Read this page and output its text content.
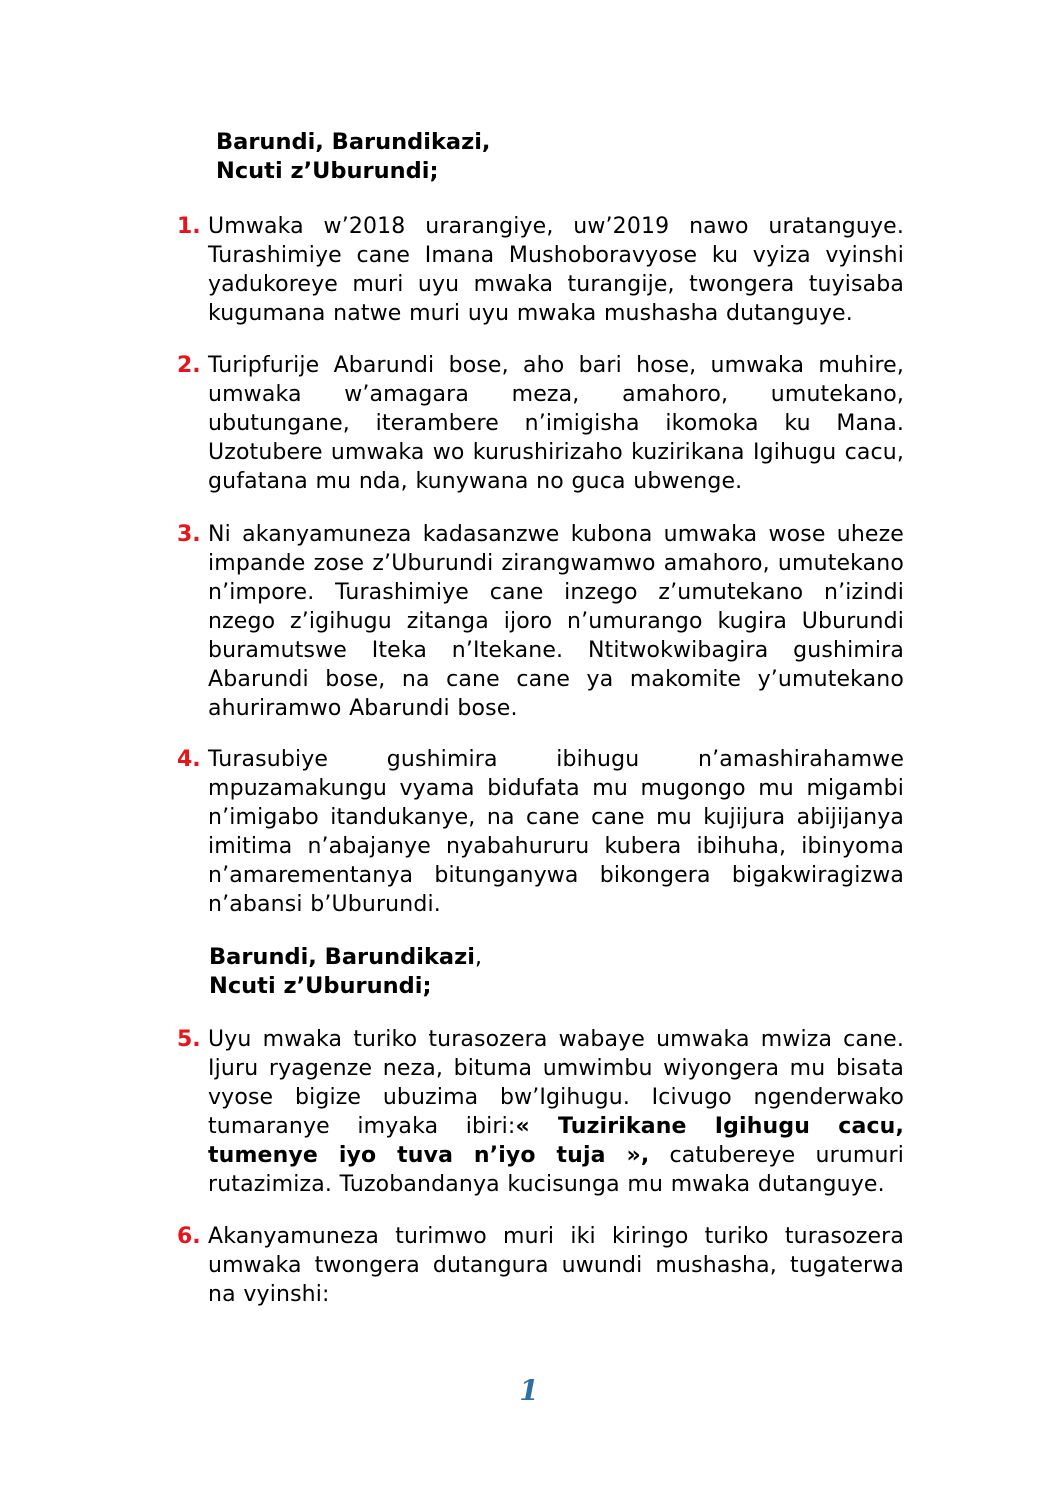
Barundi, Barundikazi,
Ncuti z’Uburundi;
1. Umwaka w’2018 urarangiye, uw’2019 nawo uratanguye. Turashimiye cane Imana Mushoboravyose ku vyiza vyinshi yadukoreye muri uyu mwaka turangije, twongera tuyisaba kugumana natwe muri uyu mwaka mushasha dutanguye.
2. Turipfurije Abarundi bose, aho bari hose, umwaka muhire, umwaka w’amagara meza, amahoro, umutekano, ubutungane, iterambere n’imigisha ikomoka ku Mana. Uzotubere umwaka wo kurushirizaho kuzirikana Igihugu cacu, gufatana mu nda, kunywana no guca ubwenge.
3. Ni akanyamuneza kadasanzwe kubona umwaka wose uheze impande zose z’Uburundi zirangwamwo amahoro, umutekano n’impore. Turashimiye cane inzego z’umutekano n’izindi nzego z’igihugu zitanga ijoro n’umurango kugira Uburundi buramutswe Iteka n’Itekane. Ntitwokwibagira gushimira Abarundi bose, na cane cane ya makomite y’umutekano ahuriramwo Abarundi bose.
4. Turasubiye gushimira ibihugu n’amashirahamwe mpuzamakungu vyama bidufata mu mugongo mu migambi n’imigabo itandukanye, na cane cane mu kujijura abijijanya imitima n’abajanye nyabahururu kubera ibihuha, ibinyoma n’amarementanya bitunganywa bikongera bigakwiragizwa n’abansi b’Uburundi.
Barundi, Barundikazi,
Ncuti z’Uburundi;
5. Uyu mwaka turiko turasozera wabaye umwaka mwiza cane. Ijuru ryagenze neza, bituma umwimbu wiyongera mu bisata vyose bigize ubuzima bw’Igihugu. Icivugo ngenderwako tumaranye imyaka ibiri:« Tuzirikane Igihugu cacu, tumenye iyo tuva n’iyo tuja », catubereye urumuri rutazimiza. Tuzobandanya kucisunga mu mwaka dutanguye.
6. Akanyamuneza turimwo muri iki kiringo turiko turasozera umwaka twongera dutangura uwundi mushasha, tugaterwa na vyinshi:
1
